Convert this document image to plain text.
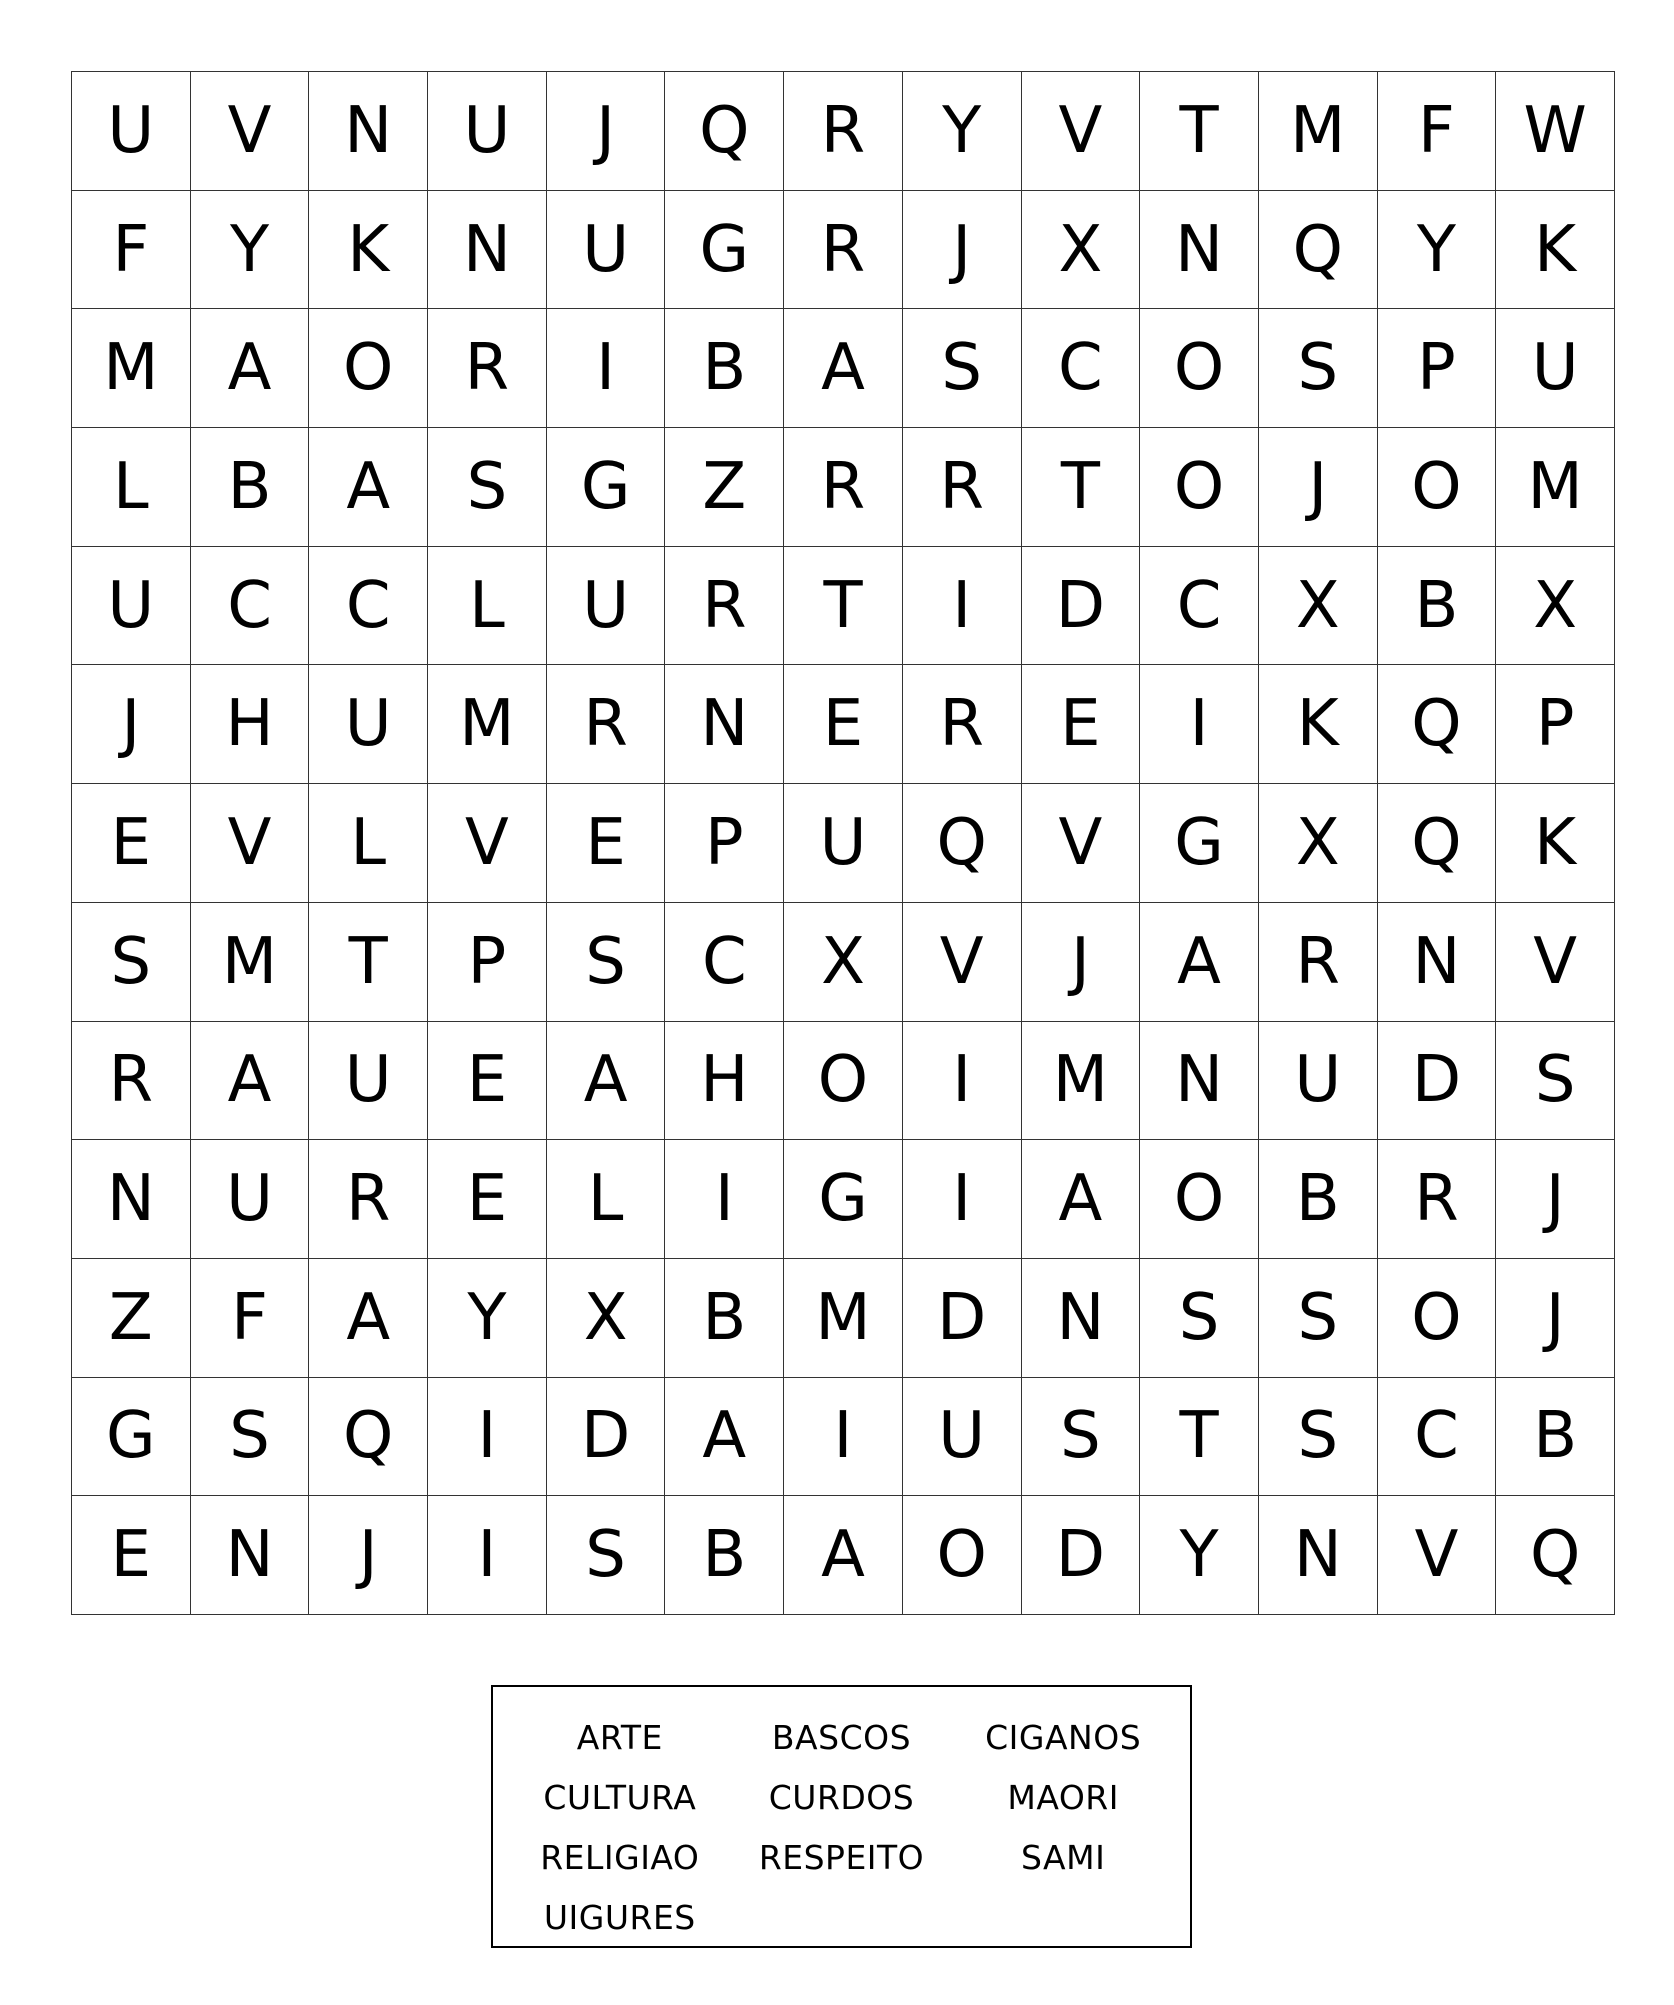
U	V	N	U	J	Q	R	Y	V	T	M	F	W
F	Y	K	N	U	G	R	J	X	N	Q	Y	K
M	A	O	R	I	B	A	S	C	O	S	P	U
L	B	A	S	G	Z	R	R	T	O	J	O	M
U	C	C	L	U	R	T	I	D	C	X	B	X
J	H	U	M	R	N	E	R	E	I	K	Q	P
E	V	L	V	E	P	U	Q	V	G	X	Q	K
S	M	T	P	S	C	X	V	J	A	R	N	V
R	A	U	E	A	H	O	I	M	N	U	D	S
N	U	R	E	L	I	G	I	A	O	B	R	J
Z	F	A	Y	X	B	M	D	N	S	S	O	J
G	S	Q	I	D	A	I	U	S	T	S	C	B
E	N	J	I	S	B	A	O	D	Y	N	V	Q
ARTE	BASCOS	CIGANOS
CULTURA	CURDOS	MAORI
RELIGIAO	RESPEITO	SAMI
UIGURES
